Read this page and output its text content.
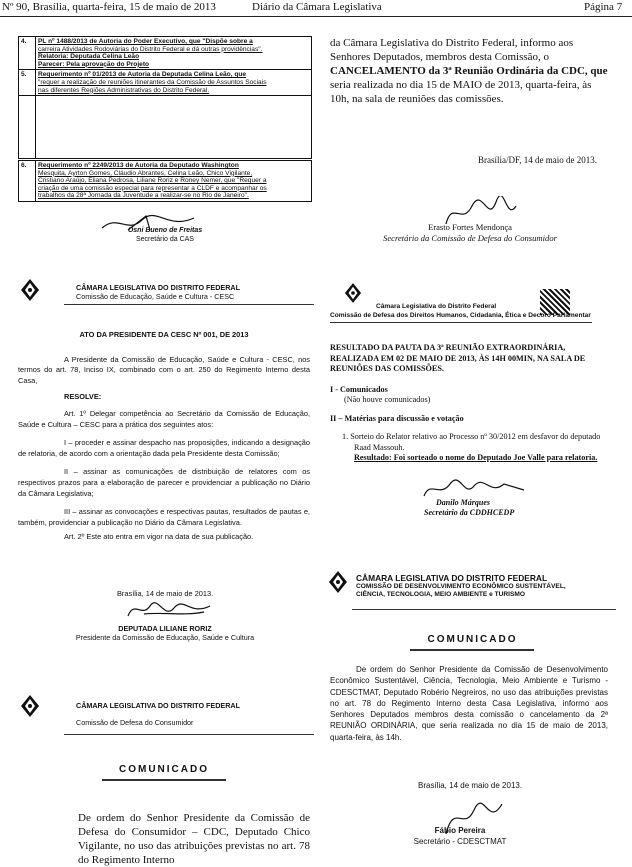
Nº 90, Brasília, quarta-feira, 15 de maio de 2013	Diário da Câmara Legislativa	Página 7
4.	PL nº 1488/2013 de Autoria do Poder Executivo, que "Dispõe sobre a
carreira Atividades Rodoviárias do Distrito Federal e dá outras providências".
Relatoria: Deputada Celina Leão
Parecer: Pela aprovação do Projeto

5.	Requerimento nº 01/2013 de Autoria da Deputada Celina Leão, que
"requer a realização de reuniões itinerantes da Comissão de Assuntos Sociais
nas diferentes Regiões Administrativas do Distrito Federal.

6.	Requerimento nº 2249/2013 de Autoria da Deputado Washington
Mesquita, Ayrton Gomes, Cláudio Abrantes, Celina Leão, Chico Vigilante,
Cristiano Araújo, Eliana Pedrosa, Liliane Roriz e Roney Nemer, que "Requer a
criação de uma comissão especial para representar a CLDF e acompanhar os
trabalhos da 28ª Jornada da Juventude a realizar-se no Rio de Janeiro".
Osni Bueno de Freitas
Secretário da CAS
CÂMARA LEGISLATIVA DO DISTRITO FEDERAL
Comissão de Educação, Saúde e Cultura - CESC
ATO DA PRESIDENTE DA CESC Nº 001, DE 2013
A Presidente da Comissão de Educação, Saúde e Cultura - CESC, nos termos do art. 78, Inciso IX, combinado com o art. 250 do Regimento Interno desta Casa,
RESOLVE:
Art. 1º Delegar competência ao Secretário da Comissão de Educação, Saúde e Cultura – CESC para a prática dos seguintes atos:
I – proceder e assinar despacho nas proposições, indicando a designação de relatoria, de acordo com a orientação dada pela Presidente desta Comissão;
II – assinar as comunicações de distribuição de relatores com os respectivos prazos para a elaboração de parecer e providenciar a publicação no Diário da Câmara Legislativa;
III – assinar as convocações e respectivas pautas, resultados de pautas e, também, providenciar a publicação no Diário da Câmara Legislativa.
Art. 2º Este ato entra em vigor na data de sua publicação.
Brasília, 14 de maio de 2013.
DEPUTADA LILIANE RORIZ
Presidente da Comissão de Educação, Saúde e Cultura
CÂMARA LEGISLATIVA DO DISTRITO FEDERAL
Comissão de Defesa do Consumidor
COMUNICADO
De ordem do Senhor Presidente da Comissão de Defesa do Consumidor – CDC, Deputado Chico Vigilante, no uso das atribuições previstas no art. 78 do Regimento Interno
da Câmara Legislativa do Distrito Federal, informo aos
Senhores Deputados, membros desta Comissão, o
CANCELAMENTO da 3ª Reunião Ordinária da CDC, que
seria realizada no dia 15 de MAIO de 2013, quarta-feira, às
10h, na sala de reuniões das comissões.
Brasília/DF, 14 de maio de 2013.
Erasto Fortes Mendonça
Secretário da Comissão de Defesa do Consumidor
Câmara Legislativa do Distrito Federal
Comissão de Defesa dos Direitos Humanos, Cidadania, Ética e Decoro Parlamentar
RESULTADO DA PAUTA DA 3ª REUNIÃO EXTRAORDINÁRIA,
REALIZADA EM 02 DE MAIO DE 2013, ÀS 14H 00MIN, NA SALA DE
REUNIÕES DAS COMISSÕES.
I - Comunicados
(Não houve comunicados)
II – Matérias para discussão e votação
1. Sorteio do Relator relativo ao Processo nº 30/2012 em desfavor do deputado
Raad Massouh.
Resultado: Foi sorteado o nome do Deputado Joe Valle para relatoria.
Danilo Márques
Secretário da CDDHCEDP
CÂMARA LEGISLATIVA DO DISTRITO FEDERAL
COMISSÃO DE DESENVOLVIMENTO ECONÔMICO SUSTENTÁVEL,
CIÊNCIA, TECNOLOGIA, MEIO AMBIENTE e TURISMO
COMUNICADO
De ordem do Senhor Presidente da Comissão de Desenvolvimento Econômico Sustentável, Ciência, Tecnologia, Meio Ambiente e Turismo - CDESCTMAT, Deputado Robério Negreiros, no uso das atribuições previstas no art. 78 do Regimento Interno desta Casa Legislativa, informo aos Senhores Deputados membros desta comissão o cancelamento da 2ª REUNIÃO ORDINÁRIA, que seria realizada no dia 15 de maio de 2013, quarta-feira, às 14h.
Brasília, 14 de maio de 2013.
Fábio Pereira
Secretário - CDESCTMAT
